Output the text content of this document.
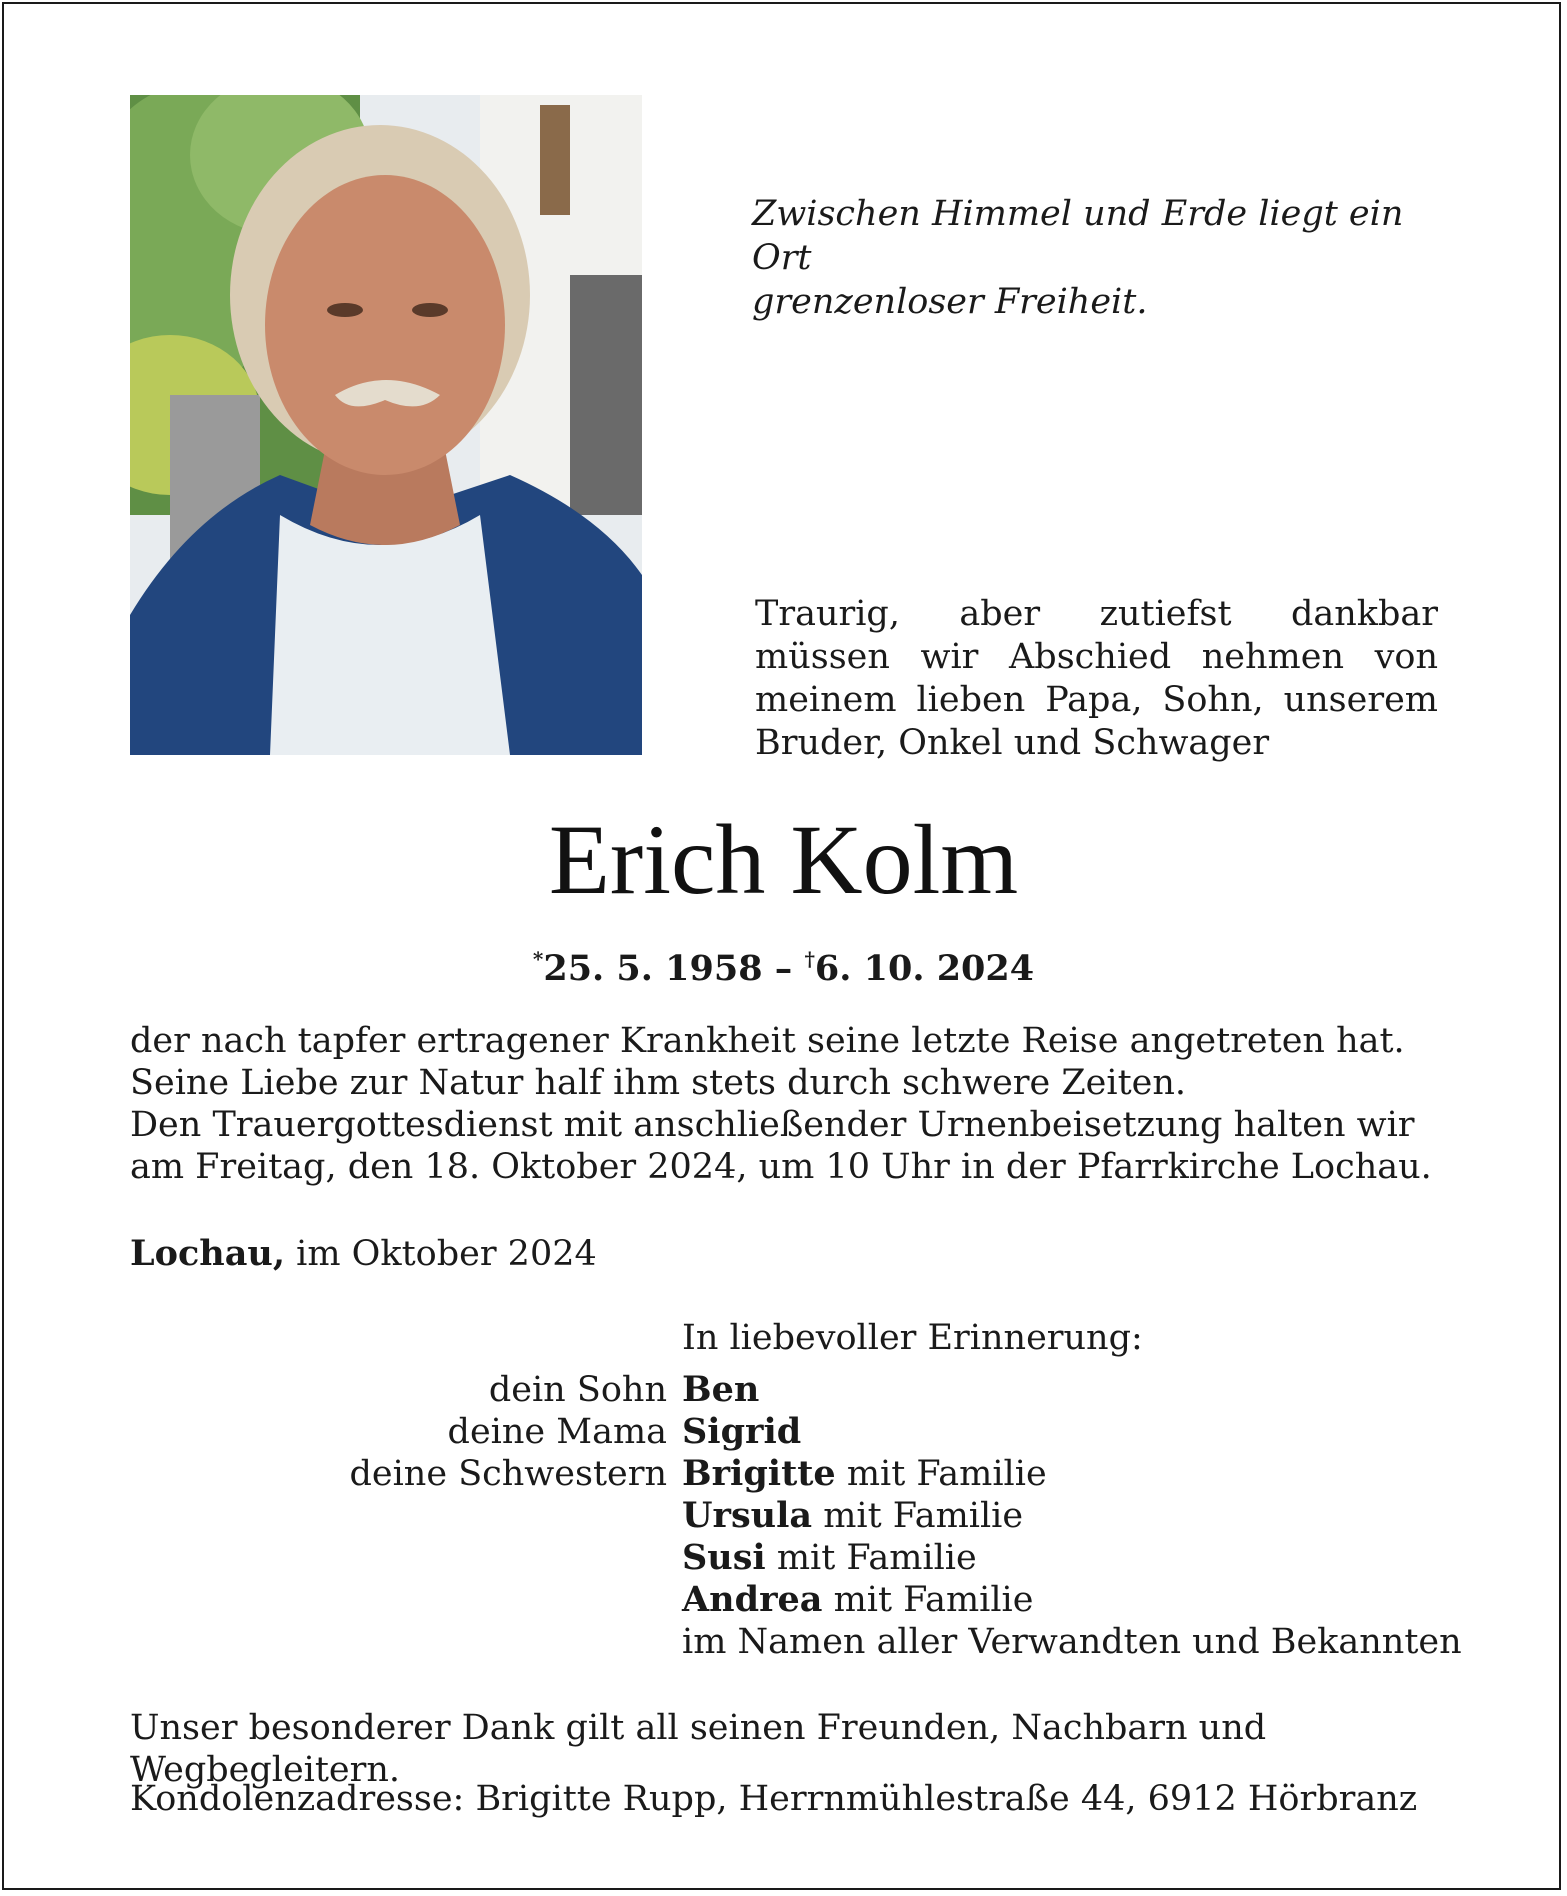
Zwischen Himmel und Erde liegt ein Ort
grenzenloser Freiheit.
Traurig, aber zutiefst dankbar müssen wir Abschied nehmen von meinem lieben Papa, Sohn, unserem Bruder, Onkel und Schwager
Erich Kolm
*25. 5. 1958 – †6. 10. 2024

der nach tapfer ertragener Krankheit seine letzte Reise angetreten hat. Seine Liebe zur Natur half ihm stets durch schwere Zeiten.

Den Trauergottesdienst mit anschließender Urnenbeisetzung halten wir am Freitag, den 18. Oktober 2024, um 10 Uhr in der Pfarrkirche Lochau.

Lochau, im Oktober 2024
In liebevoller Erinnerung:
dein Sohn Ben
deine Mama Sigrid
deine Schwestern Brigitte mit Familie
Ursula mit Familie
Susi mit Familie
Andrea mit Familie
im Namen aller Verwandten und Bekannten
Unser besonderer Dank gilt all seinen Freunden, Nachbarn und Wegbegleitern.
Kondolenzadresse: Brigitte Rupp, Herrnmühlestraße 44, 6912 Hörbranz
